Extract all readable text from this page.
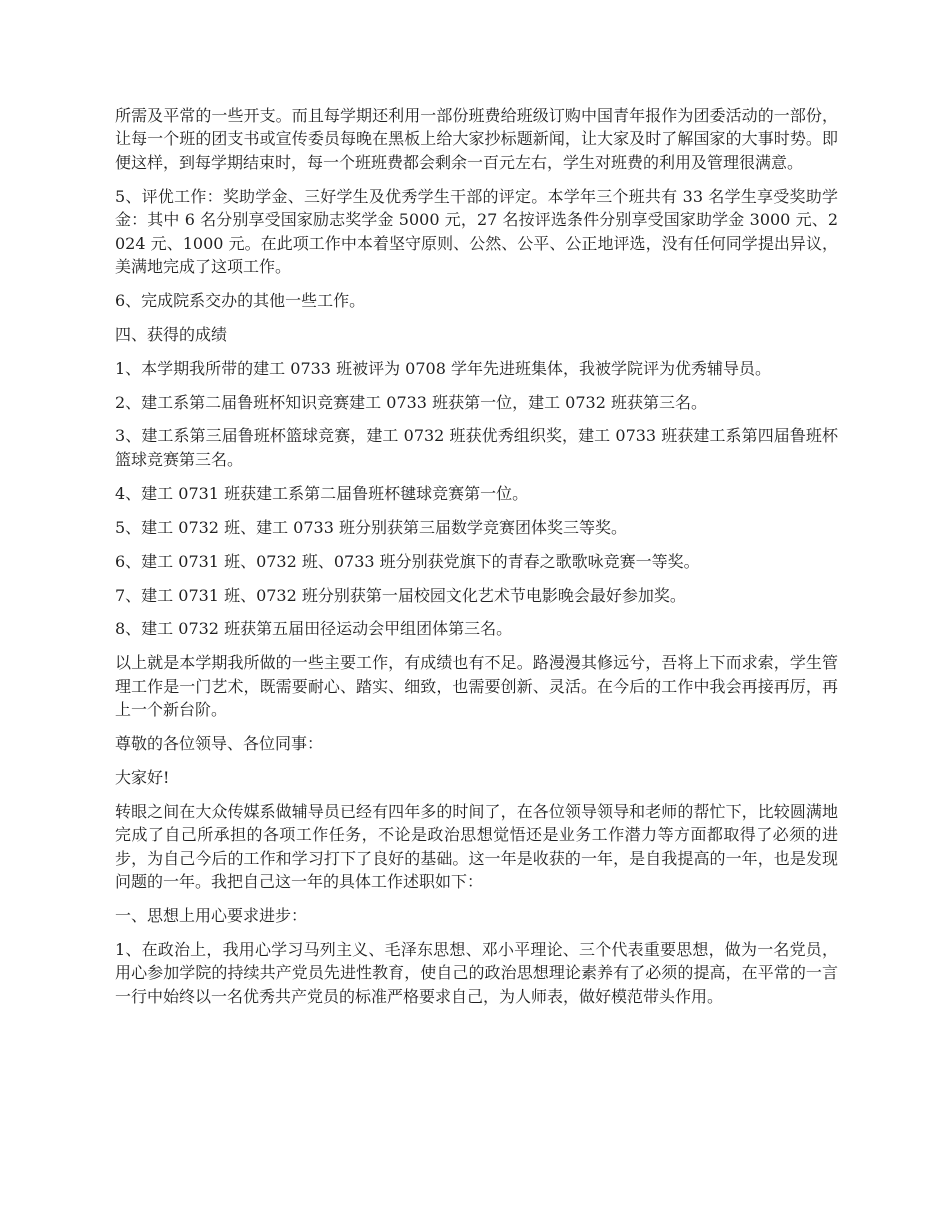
所需及平常的一些开支。而且每学期还利用一部份班费给班级订购中国青年报作为团委活动的一部份，让每一个班的团支书或宣传委员每晚在黑板上给大家抄标题新闻，让大家及时了解国家的大事时势。即便这样，到每学期结束时，每一个班班费都会剩余一百元左右，学生对班费的利用及管理很满意。

5、评优工作：奖助学金、三好学生及优秀学生干部的评定。本学年三个班共有 33 名学生享受奖助学金：其中 6 名分别享受国家励志奖学金 5000 元，27 名按评选条件分别享受国家助学金 3000 元、2024 元、1000 元。在此项工作中本着坚守原则、公然、公平、公正地评选，没有任何同学提出异议，美满地完成了这项工作。

6、完成院系交办的其他一些工作。

四、获得的成绩

1、本学期我所带的建工 0733 班被评为 0708 学年先进班集体，我被学院评为优秀辅导员。

2、建工系第二届鲁班杯知识竞赛建工 0733 班获第一位，建工 0732 班获第三名。

3、建工系第三届鲁班杯篮球竞赛，建工 0732 班获优秀组织奖，建工 0733 班获建工系第四届鲁班杯篮球竞赛第三名。

4、建工 0731 班获建工系第二届鲁班杯毽球竞赛第一位。

5、建工 0732 班、建工 0733 班分别获第三届数学竞赛团体奖三等奖。

6、建工 0731 班、0732 班、0733 班分别获党旗下的青春之歌歌咏竞赛一等奖。

7、建工 0731 班、0732 班分别获第一届校园文化艺术节电影晚会最好参加奖。

8、建工 0732 班获第五届田径运动会甲组团体第三名。

以上就是本学期我所做的一些主要工作，有成绩也有不足。路漫漫其修远兮，吾将上下而求索，学生管理工作是一门艺术，既需要耐心、踏实、细致，也需要创新、灵活。在今后的工作中我会再接再厉，再上一个新台阶。

尊敬的各位领导、各位同事：

大家好!

转眼之间在大众传媒系做辅导员已经有四年多的时间了，在各位领导领导和老师的帮忙下，比较圆满地完成了自己所承担的各项工作任务，不论是政治思想觉悟还是业务工作潜力等方面都取得了必须的进步，为自己今后的工作和学习打下了良好的基础。这一年是收获的一年，是自我提高的一年，也是发现问题的一年。我把自己这一年的具体工作述职如下：

一、思想上用心要求进步：

1、在政治上，我用心学习马列主义、毛泽东思想、邓小平理论、三个代表重要思想，做为一名党员，用心参加学院的持续共产党员先进性教育，使自己的政治思想理论素养有了必须的提高，在平常的一言一行中始终以一名优秀共产党员的标准严格要求自己，为人师表，做好模范带头作用。
